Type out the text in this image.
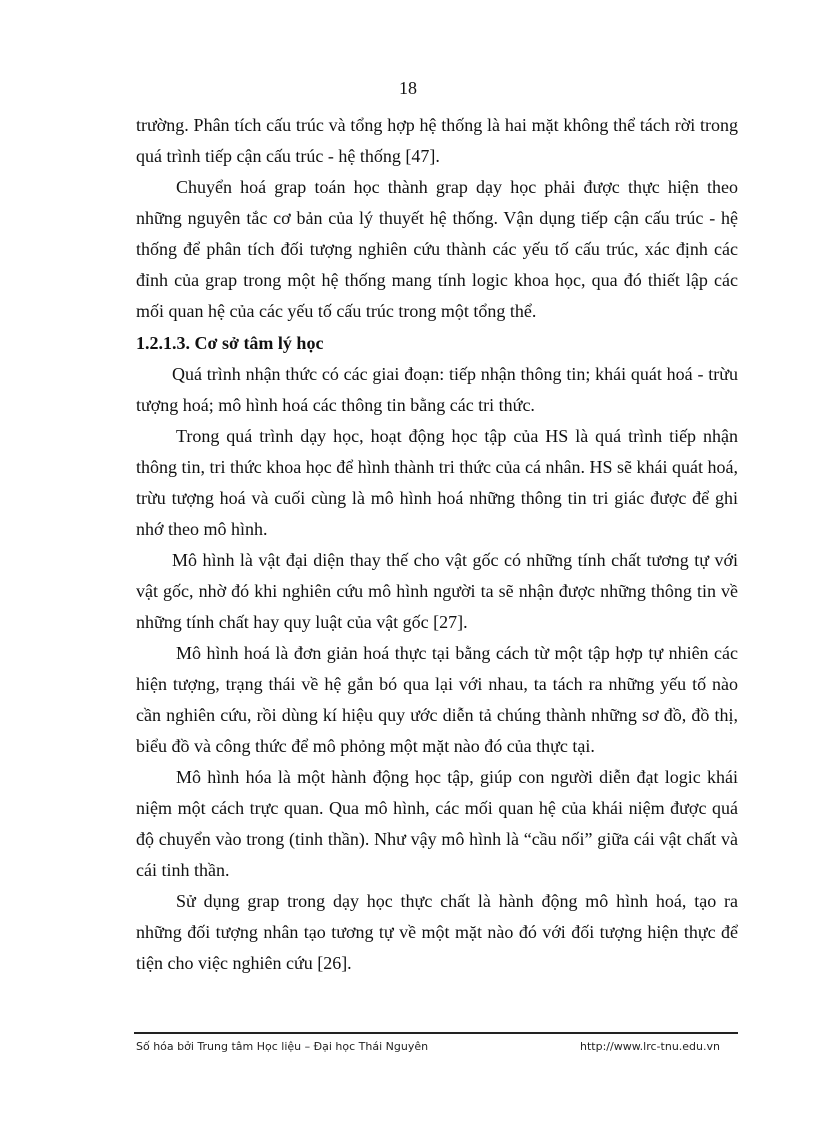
18

trường. Phân tích cấu trúc và tổng hợp hệ thống là hai mặt không thể tách rời trong quá trình tiếp cận cấu trúc - hệ thống [47].

Chuyển hoá grap toán học thành grap dạy học phải được thực hiện theo những nguyên tắc cơ bản của lý thuyết hệ thống. Vận dụng tiếp cận cấu trúc - hệ thống để phân tích đối tượng nghiên cứu thành các yếu tố cấu trúc, xác định các đỉnh của grap trong một hệ thống mang tính logic khoa học, qua đó thiết lập các mối quan hệ của các yếu tố cấu trúc trong một tổng thể.

1.2.1.3. Cơ sở tâm lý học

Quá trình nhận thức có các giai đoạn: tiếp nhận thông tin; khái quát hoá - trừu tượng hoá; mô hình hoá các thông tin bằng các tri thức.

Trong quá trình dạy học, hoạt động học tập của HS là quá trình tiếp nhận thông tin, tri thức khoa học để hình thành tri thức của cá nhân. HS sẽ khái quát hoá, trừu tượng hoá và cuối cùng là mô hình hoá những thông tin tri giác được để ghi nhớ theo mô hình.

Mô hình là vật đại diện thay thế cho vật gốc có những tính chất tương tự với vật gốc, nhờ đó khi nghiên cứu mô hình người ta sẽ nhận được những thông tin về những tính chất hay quy luật của vật gốc [27].

Mô hình hoá là đơn giản hoá thực tại bằng cách từ một tập hợp tự nhiên các hiện tượng, trạng thái về hệ gắn bó qua lại với nhau, ta tách ra những yếu tố nào cần nghiên cứu, rồi dùng kí hiệu quy ước diễn tả chúng thành những sơ đồ, đồ thị, biểu đồ và công thức để mô phỏng một mặt nào đó của thực tại.

Mô hình hóa là một hành động học tập, giúp con người diễn đạt logic khái niệm một cách trực quan. Qua mô hình, các mối quan hệ của khái niệm được quá độ chuyển vào trong (tinh thần). Như vậy mô hình là “cầu nối” giữa cái vật chất và cái tinh thần.

Sử dụng grap trong dạy học thực chất là hành động mô hình hoá, tạo ra những đối tượng nhân tạo tương tự về một mặt nào đó với đối tượng hiện thực để tiện cho việc nghiên cứu [26].

Số hóa bởi Trung tâm Học liệu – Đại học Thái Nguyên	http://www.lrc-tnu.edu.vn
